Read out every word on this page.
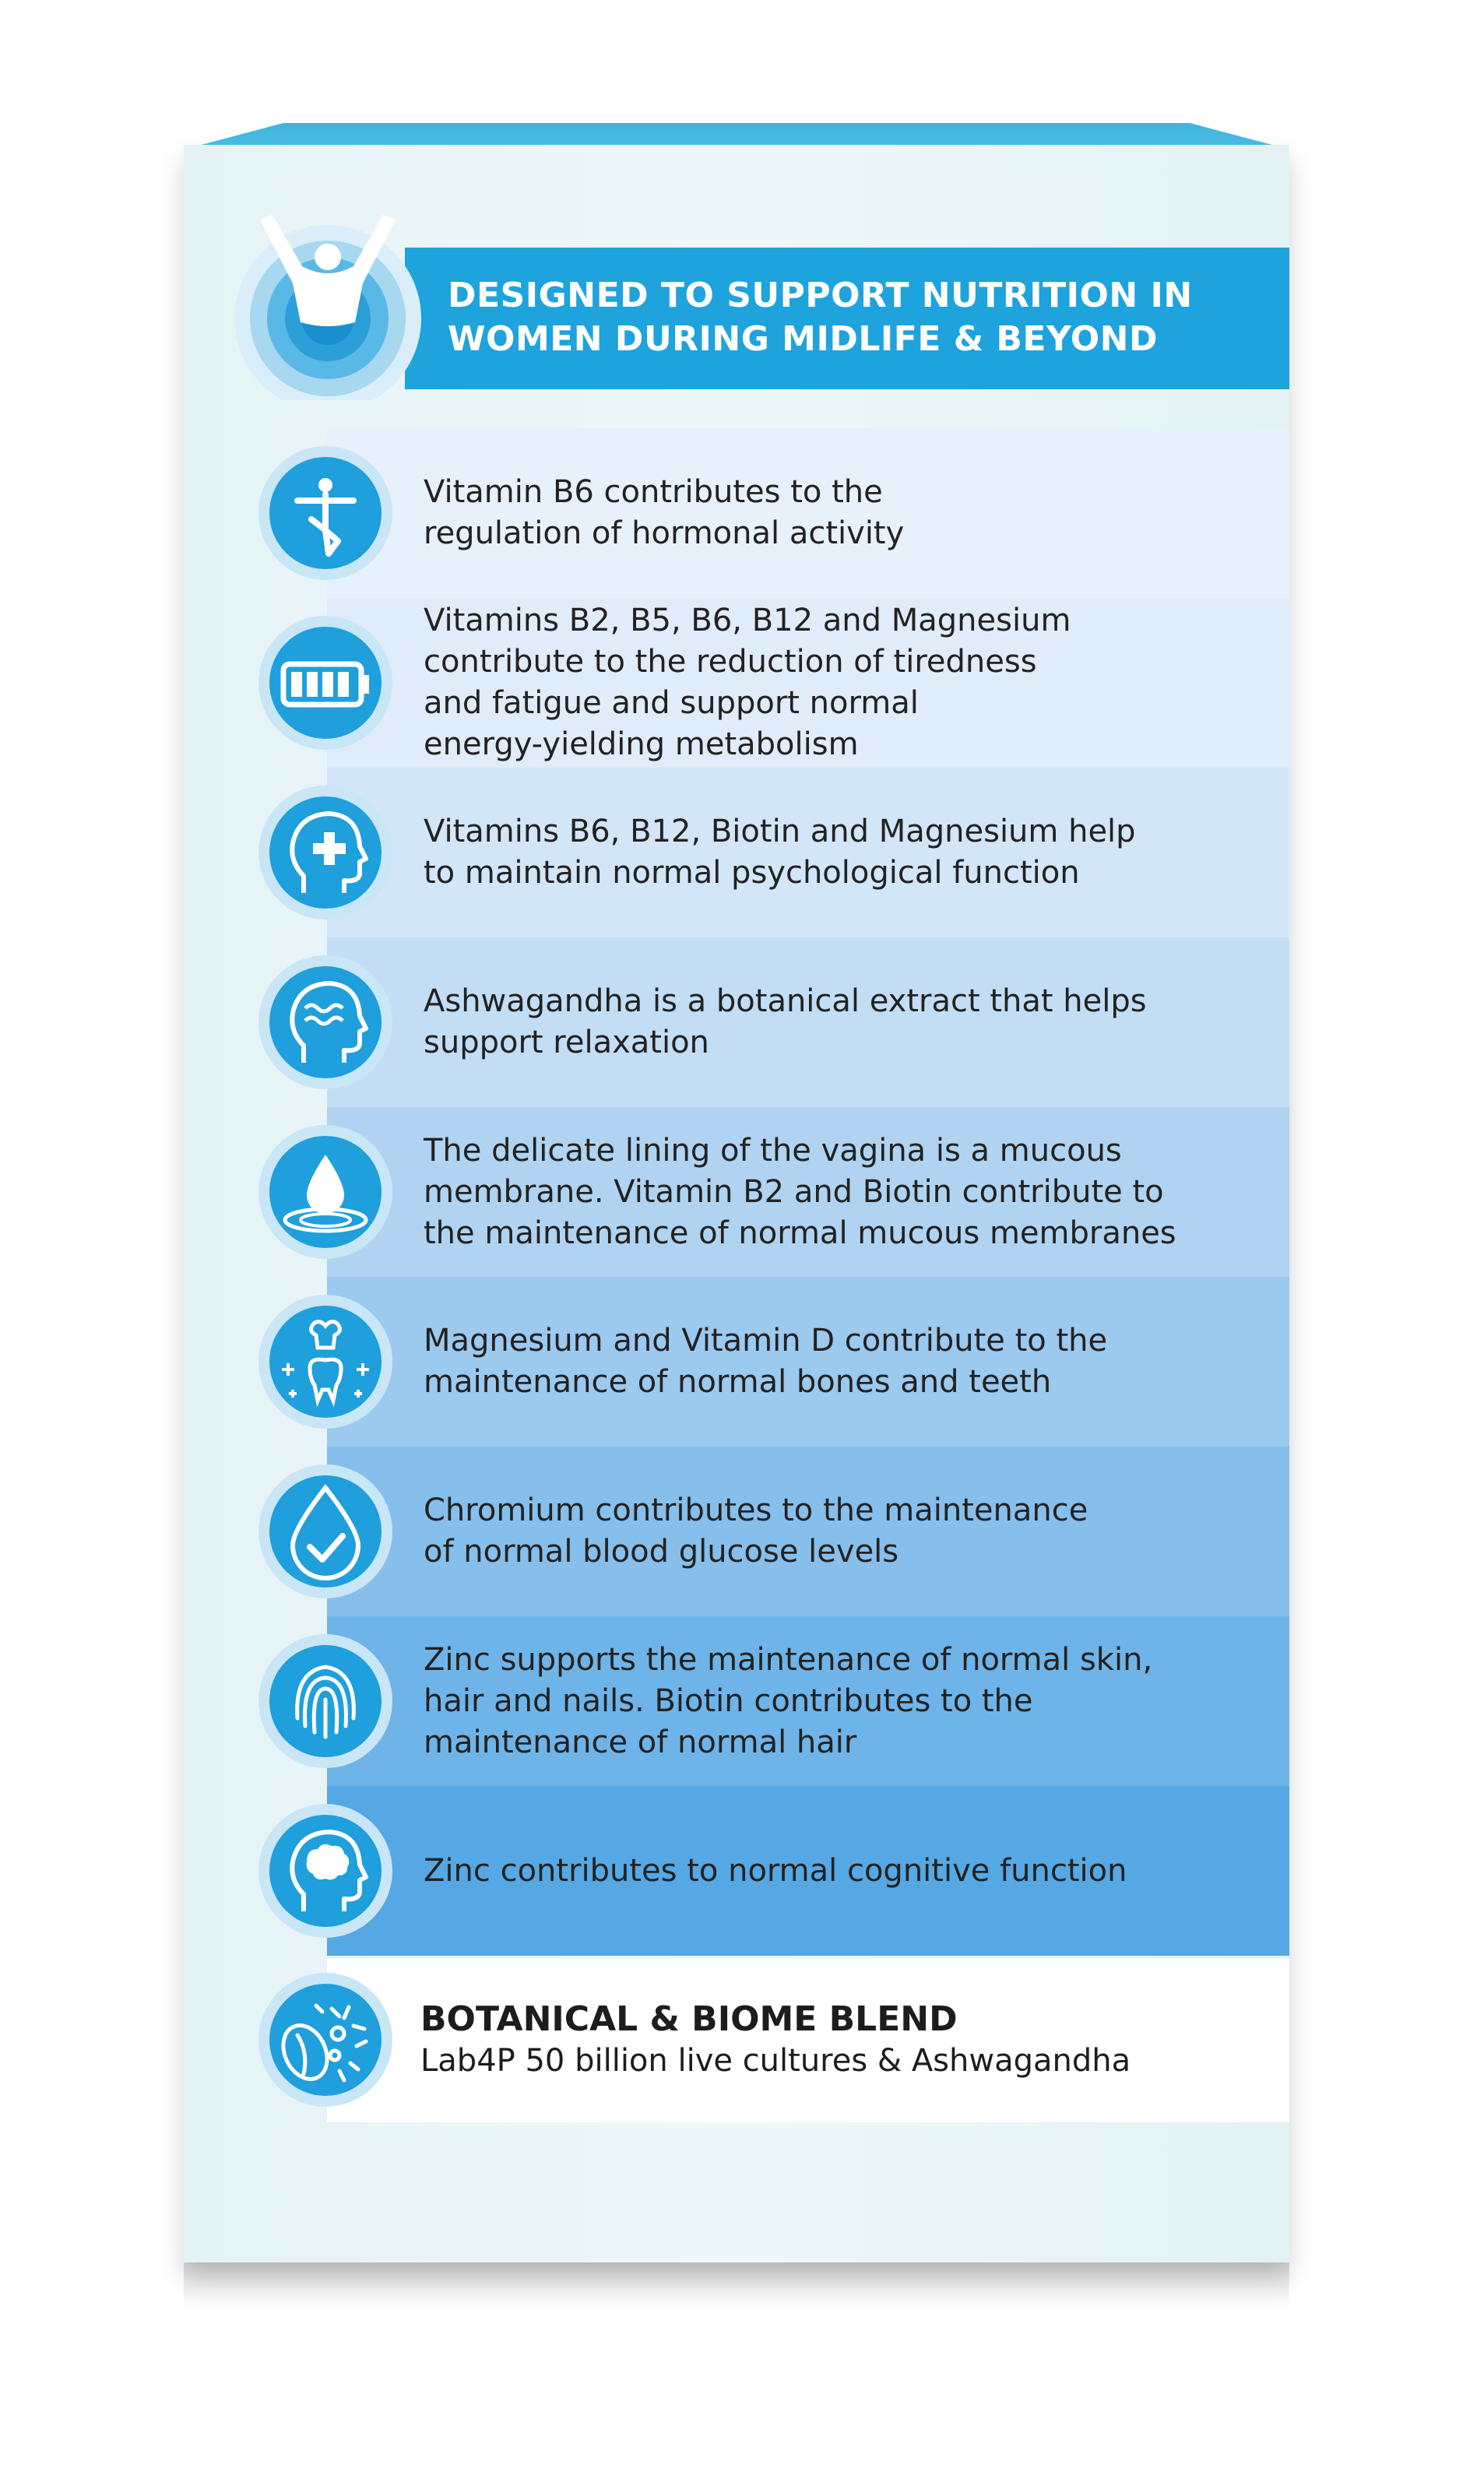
DESIGNED TO SUPPORT NUTRITION IN
WOMEN DURING MIDLIFE & BEYOND
Vitamin B6 contributes to the
regulation of hormonal activity
Vitamins B2, B5, B6, B12 and Magnesium
contribute to the reduction of tiredness
and fatigue and support normal
energy-yielding metabolism
Vitamins B6, B12, Biotin and Magnesium help
to maintain normal psychological function
Ashwagandha is a botanical extract that helps
support relaxation
The delicate lining of the vagina is a mucous
membrane. Vitamin B2 and Biotin contribute to
the maintenance of normal mucous membranes
Magnesium and Vitamin D contribute to the
maintenance of normal bones and teeth
Chromium contributes to the maintenance
of normal blood glucose levels
Zinc supports the maintenance of normal skin,
hair and nails. Biotin contributes to the
maintenance of normal hair
Zinc contributes to normal cognitive function
BOTANICAL & BIOME BLEND
Lab4P 50 billion live cultures & Ashwagandha
